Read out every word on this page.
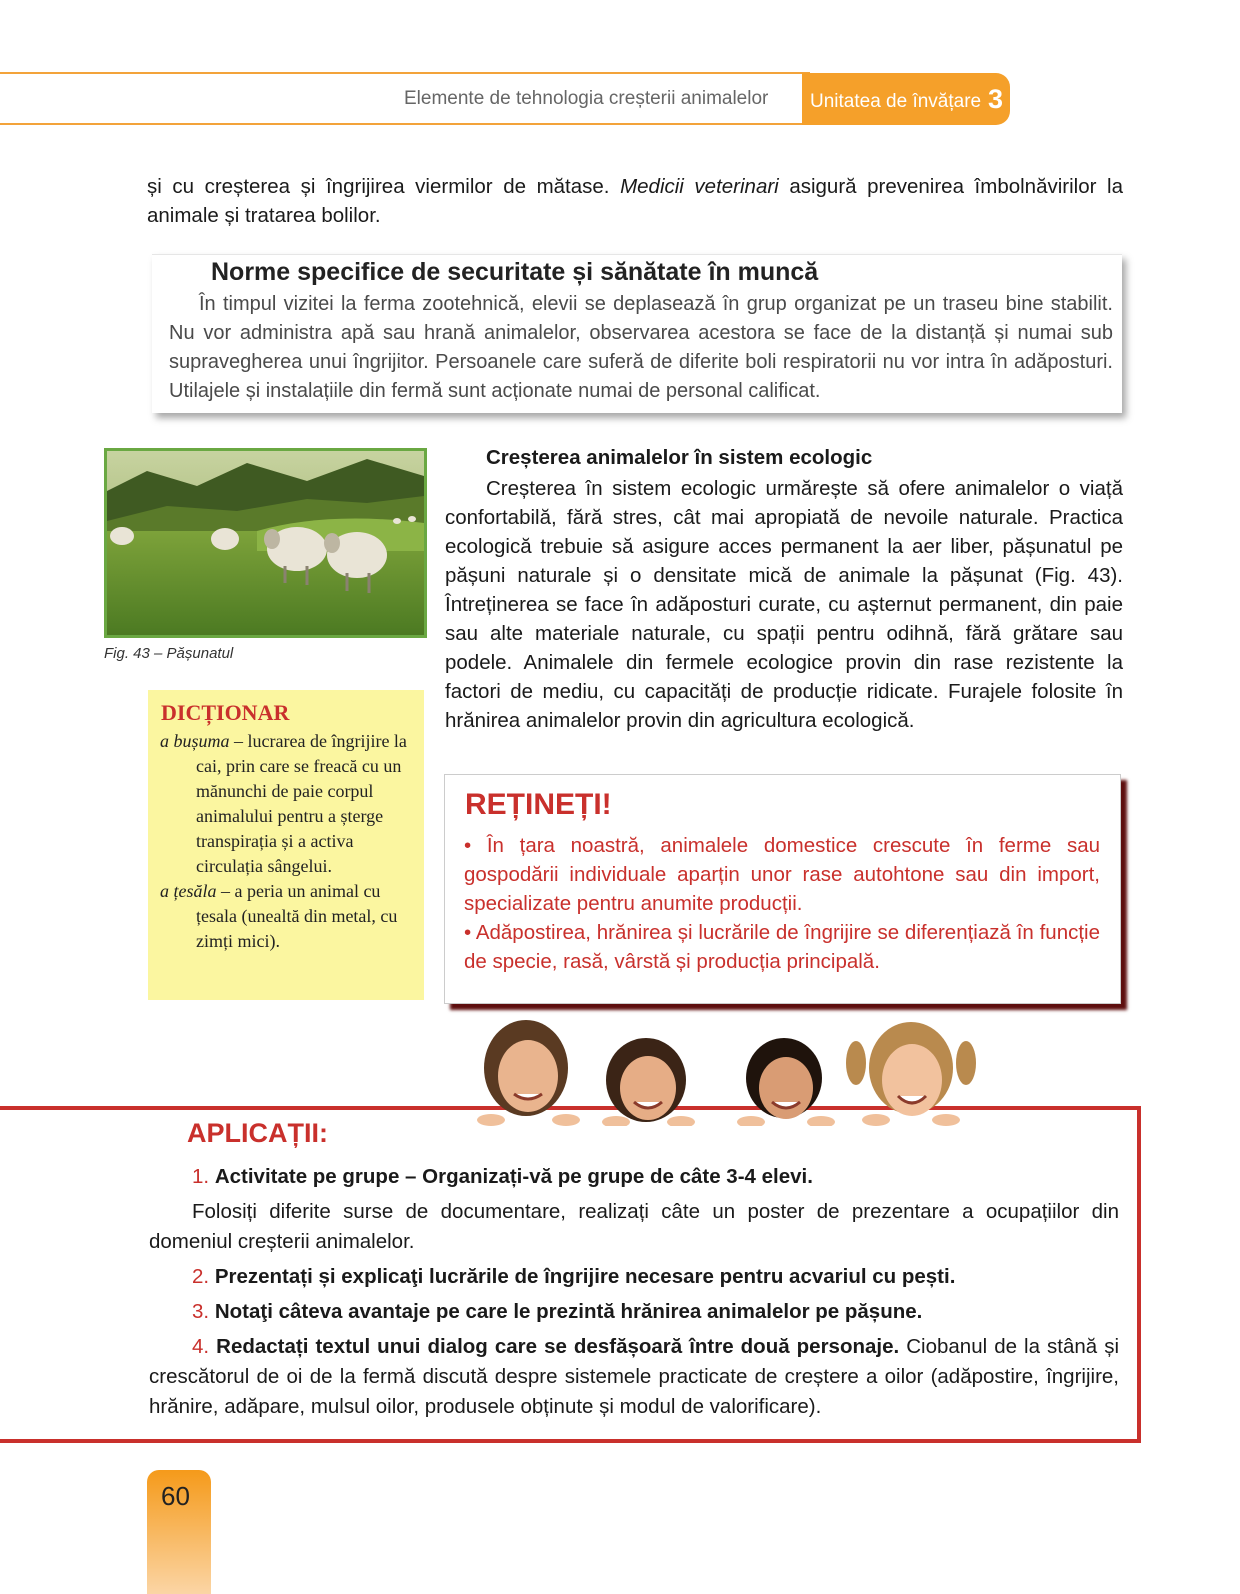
Elemente de tehnologia creșterii animalelor Unitatea de învățare 3
și cu creșterea și îngrijirea viermilor de mătase. Medicii veterinari asigură prevenirea îmbolnăvirilor la animale și tratarea bolilor.
Norme specifice de securitate și sănătate în muncă
În timpul vizitei la ferma zootehnică, elevii se deplasează în grup organizat pe un traseu bine stabilit. Nu vor administra apă sau hrană animalelor, observarea acestora se face de la distanță și numai sub supravegherea unui îngrijitor. Persoanele care suferă de diferite boli respiratorii nu vor intra în adăposturi. Utilajele și instalațiile din fermă sunt acționate numai de personal calificat.
Fig. 43 – Pășunatul
DICȚIONAR

a bușuma – lucrarea de îngrijire la cai, prin care se freacă cu un mănunchi de paie corpul animalului pentru a șterge transpirația și a activa circulația sângelui.

a țesăla – a peria un animal cu țesala (unealtă din metal, cu zimți mici).

Creșterea animalelor în sistem ecologic
Creșterea în sistem ecologic urmărește să ofere animalelor o viață confortabilă, fără stres, cât mai apropiată de nevoile naturale. Practica ecologică trebuie să asigure acces permanent la aer liber, pășunatul pe pășuni naturale și o densitate mică de animale la pășunat (Fig. 43). Întreținerea se face în adăposturi curate, cu așternut permanent, din paie sau alte materiale naturale, cu spații pentru odihnă, fără grătare sau podele. Animalele din fermele ecologice provin din rase rezistente la factori de mediu, cu capacități de producție ridicate. Furajele folosite în hrănirea animalelor provin din agricultura ecologică.
REȚINEȚI!

• În țara noastră, animalele domestice crescute în ferme sau gospodării individuale aparțin unor rase autohtone sau din import, specializate pentru anumite producții.

• Adăpostirea, hrănirea și lucrările de îngrijire se diferențiază în funcție de specie, rasă, vârstă și producția principală.

APLICAȚII:

1. Activitate pe grupe – Organizați-vă pe grupe de câte 3-4 elevi.

Folosiți diferite surse de documentare, realizați câte un poster de prezentare a ocupațiilor din domeniul creșterii animalelor.

2. Prezentați și explicaţi lucrările de îngrijire necesare pentru acvariul cu pești.

3. Notaţi câteva avantaje pe care le prezintă hrănirea animalelor pe pășune.

4. Redactați textul unui dialog care se desfășoară între două personaje. Ciobanul de la stână și crescătorul de oi de la fermă discută despre sistemele practicate de creștere a oilor (adăpostire, îngrijire, hrănire, adăpare, mulsul oilor, produsele obținute și modul de valorificare).

60
